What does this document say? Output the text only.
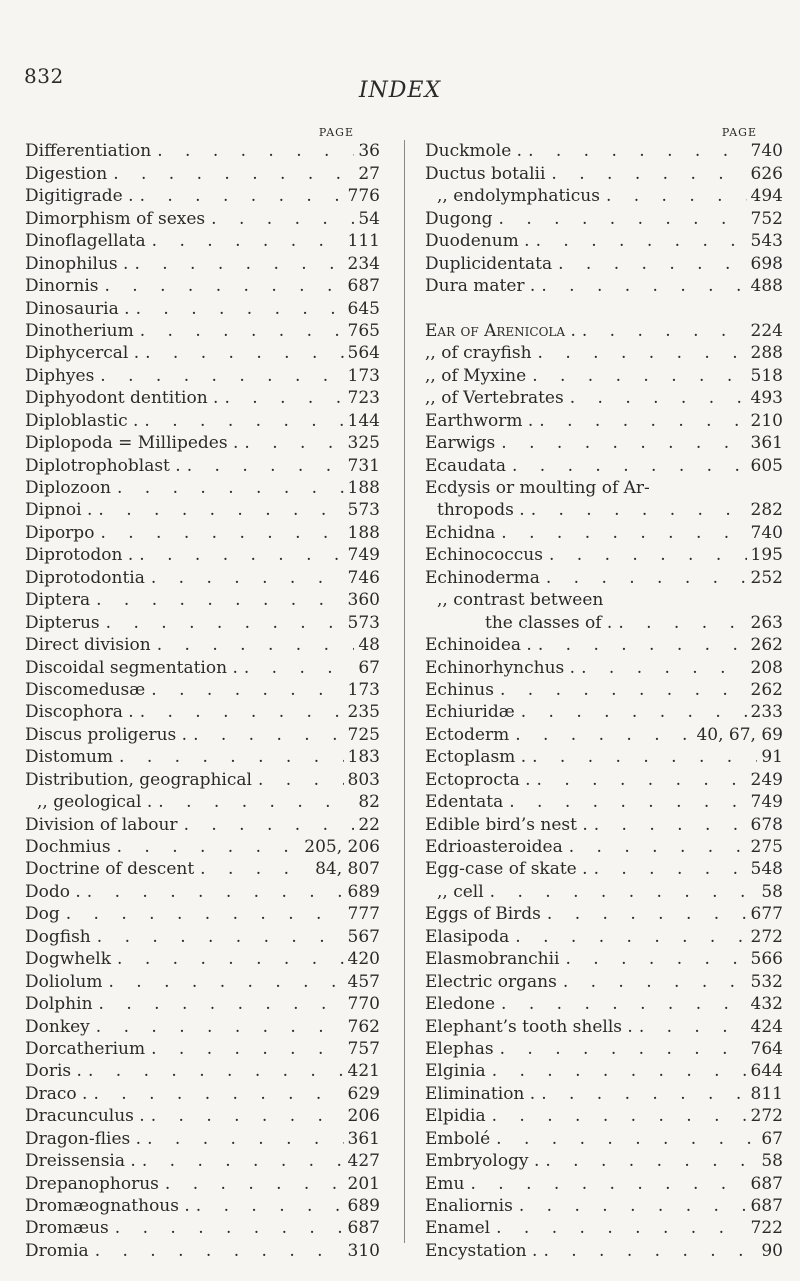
832
INDEX
PAGE
Differentiation . . .	36
Digestion . . .	27
Digitigrade . . . .	776
Dimorphism of sexes . . .	54
Dinoflagellata . . .	111
Dinophilus . . . .	234
Dinornis . . .	687
Dinosauria . . . .	645
Dinotherium . . .	765
Diphycercal . . . .	564
Diphyes . . .	173
Diphyodont dentition . . . .	723
Diploblastic . . . .	144
Diplopoda = Millipedes . . . .	325
Diplotrophoblast . . . .	731
Diplozoon . . .	188
Dipnoi . . . .	573
Diporpo . . .	188
Diprotodon . . . .	749
Diprotodontia . . .	746
Diptera . . .	360
Dipterus . . .	573
Direct division . . .	48
Discoidal segmentation . . . .	67
Discomedusæ . . .	173
Discophora . . . .	235
Discus proligerus . . . .	725
Distomum . . .	183
Distribution, geographical . . .	803
,, geological . . . .	82
Division of labour . . .	22
Dochmius . . .	205, 206
Doctrine of descent . . .	84, 807
Dodo . . . .	689
Dog . . .	777
Dogfish . . .	567
Dogwhelk . . .	420
Doliolum . . .	457
Dolphin . . .	770
Donkey . . .	762
Dorcatherium . . .	757
Doris . . . .	421
Draco . . . .	629
Dracunculus . . . .	206
Dragon-flies . . . .	361
Dreissensia . . . .	427
Drepanophorus . . .	201
Dromæognathous . . . .	689
Dromæus . . .	687
Dromia . . .	310
PAGE
Duckmole . . . .	740
Ductus botalii . . .	626
,, endolymphaticus . . .	494
Dugong . . .	752
Duodenum . . . .	543
Duplicidentata . . .	698
Dura mater . . . .	488
Ear of Arenicola . . . .	224
,, of crayfish . . .	288
,, of Myxine . . .	518
,, of Vertebrates . . .	493
Earthworm . . . .	210
Earwigs . . .	361
Ecaudata . . .	605
Ecdysis or moulting of Ar-
thropods . . . .	282
Echidna . . .	740
Echinococcus . . .	195
Echinoderma . . .	252
,, contrast between
the classes of . . . .	263
Echinoidea . . . .	262
Echinorhynchus . . . .	208
Echinus . . .	262
Echiuridæ . . .	233
Ectoderm . . .	40, 67, 69
Ectoplasm . . . .	91
Ectoprocta . . . .	249
Edentata . . .	749
Edible bird’s nest . . . .	678
Edrioasteroidea . . .	275
Egg-case of skate . . . .	548
,, cell . . .	58
Eggs of Birds . . .	677
Elasipoda . . .	272
Elasmobranchii . . .	566
Electric organs . . .	532
Eledone . . .	432
Elephant’s tooth shells . . . .	424
Elephas . . .	764
Elginia . . .	644
Elimination . . . .	811
Elpidia . . .	272
Embolé . . .	67
Embryology . . . .	58
Emu . . .	687
Enaliornis . . .	687
Enamel . . .	722
Encystation . . . .	90
